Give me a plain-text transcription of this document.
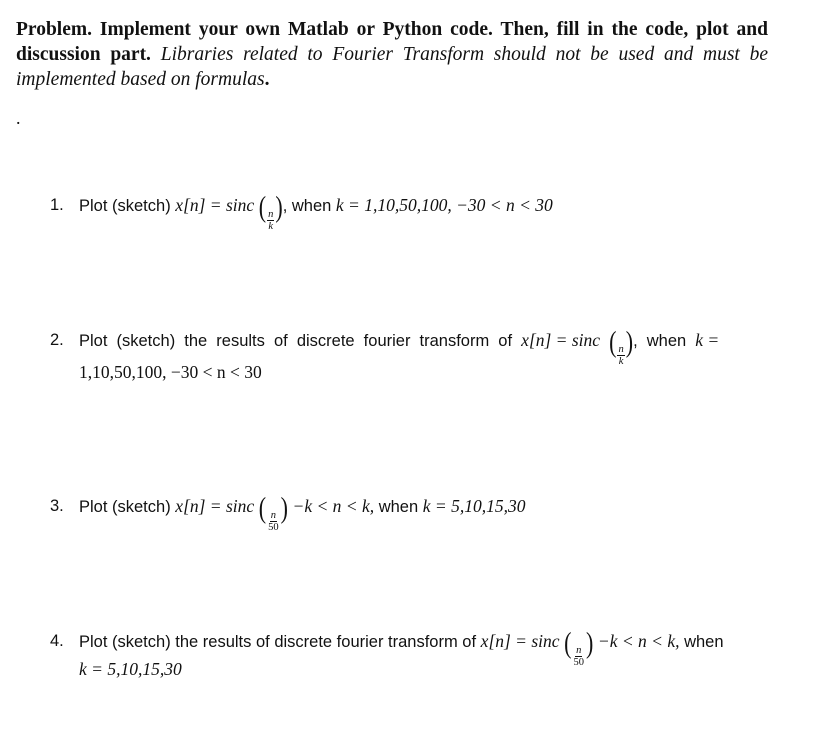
Problem. Implement your own Matlab or Python code. Then, fill in the code, plot and discussion part. Libraries related to Fourier Transform should not be used and must be implemented based on formulas.
.
1. Plot (sketch) x[n] = sinc ( $\frac{n}{k}$ ), when k = 1,10,50,100, −30 < n < 30
2. Plot (sketch) the results of discrete fourier transform of x[n] = sinc ( $\frac{n}{k}$ ), when k =
1,10,50,100, −30 < n < 30
3. Plot (sketch) x[n] = sinc ( $\frac{n}{50}$ ) −k < n < k, when k = 5,10,15,30
4. Plot (sketch) the results of discrete fourier transform of x[n] = sinc ( $\frac{n}{50}$ ) −k < n < k, when
k = 5,10,15,30
